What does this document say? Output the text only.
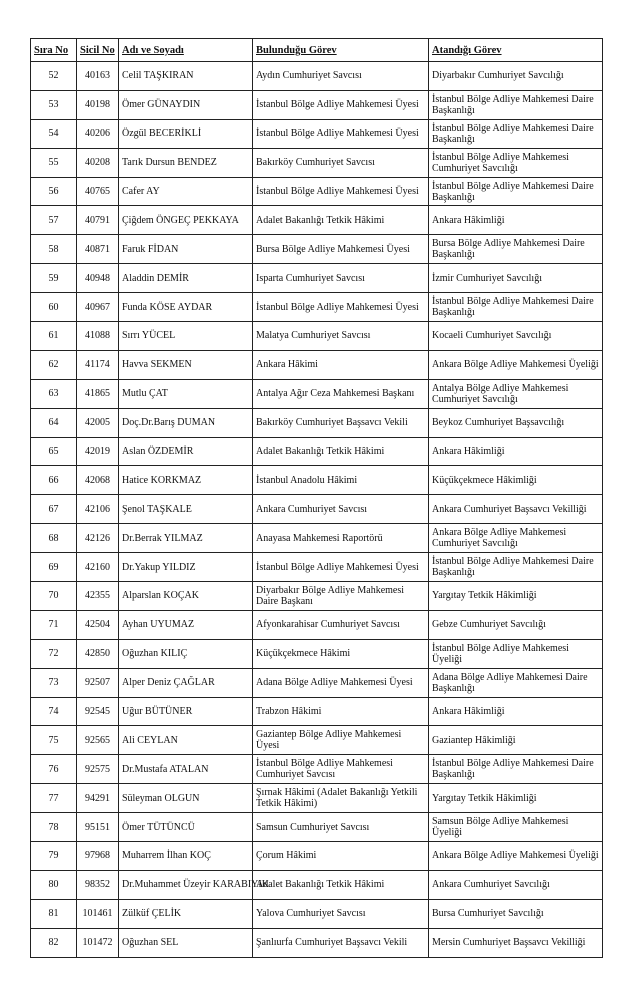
Sıra No	Sicil No	Adı ve Soyadı	Bulunduğu Görev	Atandığı Görev
52	40163	Celil TAŞKIRAN	Aydın Cumhuriyet Savcısı	Diyarbakır Cumhuriyet Savcılığı
53	40198	Ömer GÜNAYDIN	İstanbul Bölge Adliye Mahkemesi Üyesi	İstanbul Bölge Adliye Mahkemesi Daire Başkanlığı
54	40206	Özgül BECERİKLİ	İstanbul Bölge Adliye Mahkemesi Üyesi	İstanbul Bölge Adliye Mahkemesi Daire Başkanlığı
55	40208	Tarık Dursun BENDEZ	Bakırköy Cumhuriyet Savcısı	İstanbul Bölge Adliye Mahkemesi Cumhuriyet Savcılığı
56	40765	Cafer AY	İstanbul Bölge Adliye Mahkemesi Üyesi	İstanbul Bölge Adliye Mahkemesi Daire Başkanlığı
57	40791	Çiğdem ÖNGEÇ PEKKAYA	Adalet Bakanlığı Tetkik Hâkimi	Ankara Hâkimliği
58	40871	Faruk FİDAN	Bursa Bölge Adliye Mahkemesi Üyesi	Bursa Bölge Adliye Mahkemesi Daire Başkanlığı
59	40948	Aladdin DEMİR	Isparta Cumhuriyet Savcısı	İzmir Cumhuriyet Savcılığı
60	40967	Funda KÖSE AYDAR	İstanbul Bölge Adliye Mahkemesi Üyesi	İstanbul Bölge Adliye Mahkemesi Daire Başkanlığı
61	41088	Sırrı YÜCEL	Malatya Cumhuriyet Savcısı	Kocaeli Cumhuriyet Savcılığı
62	41174	Havva SEKMEN	Ankara Hâkimi	Ankara Bölge Adliye Mahkemesi Üyeliği
63	41865	Mutlu ÇAT	Antalya Ağır Ceza Mahkemesi Başkanı	Antalya Bölge Adliye Mahkemesi Cumhuriyet Savcılığı
64	42005	Doç.Dr.Barış DUMAN	Bakırköy Cumhuriyet Başsavcı Vekili	Beykoz Cumhuriyet Başsavcılığı
65	42019	Aslan ÖZDEMİR	Adalet Bakanlığı Tetkik Hâkimi	Ankara Hâkimliği
66	42068	Hatice KORKMAZ	İstanbul Anadolu Hâkimi	Küçükçekmece Hâkimliği
67	42106	Şenol TAŞKALE	Ankara Cumhuriyet Savcısı	Ankara Cumhuriyet Başsavcı Vekilliği
68	42126	Dr.Berrak YILMAZ	Anayasa Mahkemesi Raportörü	Ankara Bölge Adliye Mahkemesi Cumhuriyet Savcılığı
69	42160	Dr.Yakup YILDIZ	İstanbul Bölge Adliye Mahkemesi Üyesi	İstanbul Bölge Adliye Mahkemesi Daire Başkanlığı
70	42355	Alparslan KOÇAK	Diyarbakır Bölge Adliye Mahkemesi Daire Başkanı	Yargıtay Tetkik Hâkimliği
71	42504	Ayhan UYUMAZ	Afyonkarahisar Cumhuriyet Savcısı	Gebze Cumhuriyet Savcılığı
72	42850	Oğuzhan KILIÇ	Küçükçekmece Hâkimi	İstanbul Bölge Adliye Mahkemesi Üyeliği
73	92507	Alper Deniz ÇAĞLAR	Adana Bölge Adliye Mahkemesi Üyesi	Adana Bölge Adliye Mahkemesi Daire Başkanlığı
74	92545	Uğur BÜTÜNER	Trabzon Hâkimi	Ankara Hâkimliği
75	92565	Ali CEYLAN	Gaziantep Bölge Adliye Mahkemesi Üyesi	Gaziantep Hâkimliği
76	92575	Dr.Mustafa ATALAN	İstanbul Bölge Adliye Mahkemesi Cumhuriyet Savcısı	İstanbul Bölge Adliye Mahkemesi Daire Başkanlığı
77	94291	Süleyman OLGUN	Şırnak Hâkimi (Adalet Bakanlığı Yetkili Tetkik Hâkimi)	Yargıtay Tetkik Hâkimliği
78	95151	Ömer TÜTÜNCÜ	Samsun Cumhuriyet Savcısı	Samsun Bölge Adliye Mahkemesi Üyeliği
79	97968	Muharrem İlhan KOÇ	Çorum Hâkimi	Ankara Bölge Adliye Mahkemesi Üyeliği
80	98352	Dr.Muhammet Üzeyir KARABIYIK	Adalet Bakanlığı Tetkik Hâkimi	Ankara Cumhuriyet Savcılığı
81	101461	Zülküf ÇELİK	Yalova Cumhuriyet Savcısı	Bursa Cumhuriyet Savcılığı
82	101472	Oğuzhan SEL	Şanlıurfa Cumhuriyet Başsavcı Vekili	Mersin Cumhuriyet Başsavcı Vekilliği
